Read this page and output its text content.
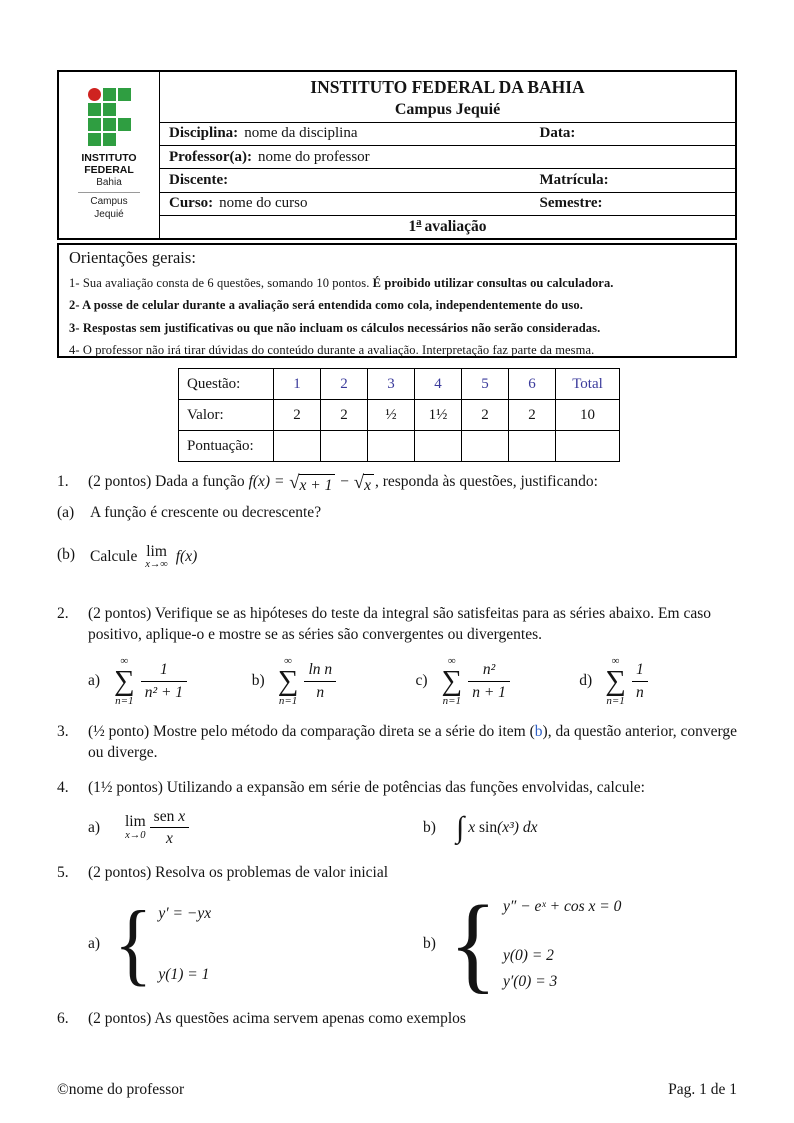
INSTITUTO
FEDERAL
Bahia
Campus
Jequié
INSTITUTO FEDERAL DA BAHIA
Campus Jequié
Disciplina: nome da disciplina	Data:
Professor(a): nome do professor
Discente:	Matrícula:
Curso: nome do curso	Semestre:
1$^a$ avaliação
Orientações gerais:
1- Sua avaliação consta de 6 questões, somando 10 pontos. É proibido utilizar consultas ou calculadora.
2- A posse de celular durante a avaliação será entendida como cola, independentemente do uso.
3- Respostas sem justificativas ou que não incluam os cálculos necessários não serão consideradas.
4- O professor não irá tirar dúvidas do conteúdo durante a avaliação. Interpretação faz parte da mesma.
Questão:	1	2	3	4	5	6	Total
Valor:	2	2	½	1½	2	2	10
Pontuação:							
1.	(2 pontos) Dada a função f(x) = √ x + 1 − √ x , responda às questões, justificando:
(a)	A função é crescente ou decrescente?
(b) Calcule lim
x→∞ f(x)
2.	(2 pontos) Verifique se as hipóteses do teste da integral são satisfeitas para as séries abaixo. Em caso positivo, aplique-o e mostre se as séries são convergentes ou divergentes.
a)
∞
∑
$n=1 \frac{1}{\text{n² + 1}}$	b)
∞
∑
$n=1 \frac{\text{ln n}}{n}$	c)
∞
∑
$n=1 \frac{\text{n²}}{n + 1}$	d)
∞
∑
$n=1 \frac{1}{n}$
3.	(½ ponto) Mostre pelo método da comparação direta se a série do item (b), da questão anterior, converge ou diverge.
4.	(1½ pontos) Utilizando a expansão em série de potências das funções envolvidas, calcule:
a)	lim
$x\to 0 \frac{\text{sen x}}{x}$	b) ∫ x sin(x³) dx
5.	(2 pontos) Resolva os problemas de valor inicial
a) { y′ = −yx
y(1) = 1
b) { y″ − eˣ + cos x = 0
y(0) = 2
y′(0) = 3
6.	(2 pontos) As questões acima servem apenas como exemplos
©nome do professor	Pag. 1 de 1
